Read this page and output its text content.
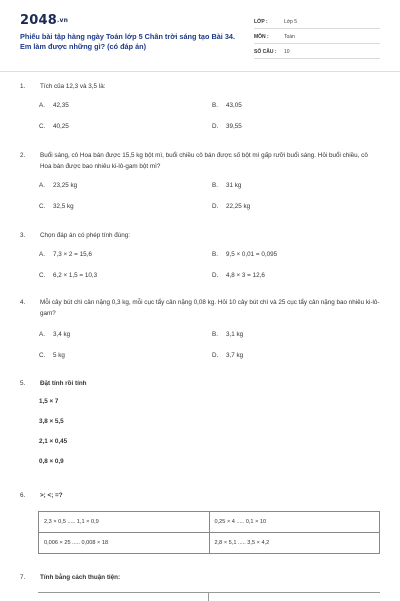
2048.vn
Phiếu bài tập hàng ngày Toán lớp 5 Chân trời sáng tạo Bài 34. Em làm được những gì? (có đáp án)
LỚP :	Lớp 5
MÔN :	Toán
SỐ CÂU : 10
1. Tích của 12,3 và 3,5 là:
A. 42,35	B. 43,05
C. 40,25	D. 39,55
2. Buổi sáng, cô Hoa bán được 15,5 kg bột mì, buổi chiều cô bán được số bột mì gấp rưỡi buổi sáng. Hỏi buổi chiều, cô Hoa bán được bao nhiêu ki-lô-gam bột mì?
A. 23,25 kg	B. 31 kg
C. 32,5 kg	D. 22,25 kg
3. Chọn đáp án có phép tính đúng:
A. 7,3 × 2 = 15,6	B. 9,5 × 0,01 = 0,095
C. 6,2 × 1,5 = 10,3	D. 4,8 × 3 = 12,6
4. Mỗi cây bút chì cân nặng 0,3 kg, mỗi cục tẩy cân nặng 0,08 kg. Hỏi 10 cây bút chì và 25 cục tẩy cân nặng bao nhiêu ki-lô-gam?
A. 3,4 kg	B. 3,1 kg
C. 5 kg	D. 3,7 kg
5. Đặt tính rồi tính
1,5 × 7
3,8 × 5,5
2,1 × 0,45
0,8 × 0,9
6. >; <; =?
2,3 × 0,5 ..... 1,1 × 0,9	0,25 × 4 ..... 0,1 × 10
0,006 × 25 ..... 0,008 × 18	2,8 × 5,1 ..... 3,5 × 4,2
7. Tính bằng cách thuận tiện:
